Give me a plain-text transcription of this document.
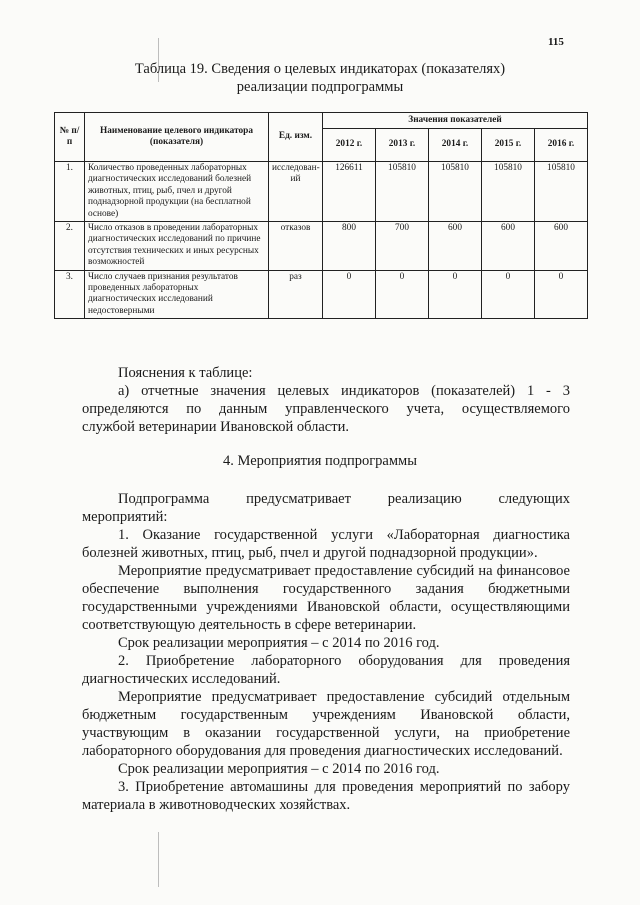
115
Таблица 19. Сведения о целевых индикаторах (показателях)
реализации подпрограммы
№ п/п	Наименование целевого индикатора (показателя)	Ед. изм.	Значения показателей				
			2012 г.	2013 г.	2014 г.	2015 г.	2016 г.
1.	Количество проведенных лабораторных диагностических исследований болезней животных, птиц, рыб, пчел и другой поднадзорной продукции (на бесплатной основе)	исследован-ий	126611	105810	105810	105810	105810
2.	Число отказов в проведении лабораторных диагностических исследований по причине отсутствия технических и иных ресурсных возможностей	отказов	800	700	600	600	600
3.	Число случаев признания результатов проведенных лабораторных диагностических исследований недостоверными	раз	0	0	0	0	0

Пояснения к таблице:

а) отчетные значения целевых индикаторов (показателей) 1 - 3

определяются по данным управленческого учета, осуществляемого

службой ветеринарии Ивановской области.

4. Мероприятия подпрограммы

Подпрограмма предусматривает реализацию следующих

мероприятий:

1. Оказание государственной услуги «Лабораторная диагностика болезней животных, птиц, рыб, пчел и другой поднадзорной продукции».

Мероприятие предусматривает предоставление субсидий на финансовое обеспечение выполнения государственного задания бюджетными государственными учреждениями Ивановской области, осуществляющими соответствующую деятельность в сфере ветеринарии.

Срок реализации мероприятия – с 2014 по 2016 год.

2. Приобретение лабораторного оборудования для проведения диагностических исследований.

Мероприятие предусматривает предоставление субсидий отдельным бюджетным государственным учреждениям Ивановской области, участвующим в оказании государственной услуги, на приобретение лабораторного оборудования для проведения диагностических исследований.

Срок реализации мероприятия – с 2014 по 2016 год.

3. Приобретение автомашины для проведения мероприятий по забору материала в животноводческих хозяйствах.
